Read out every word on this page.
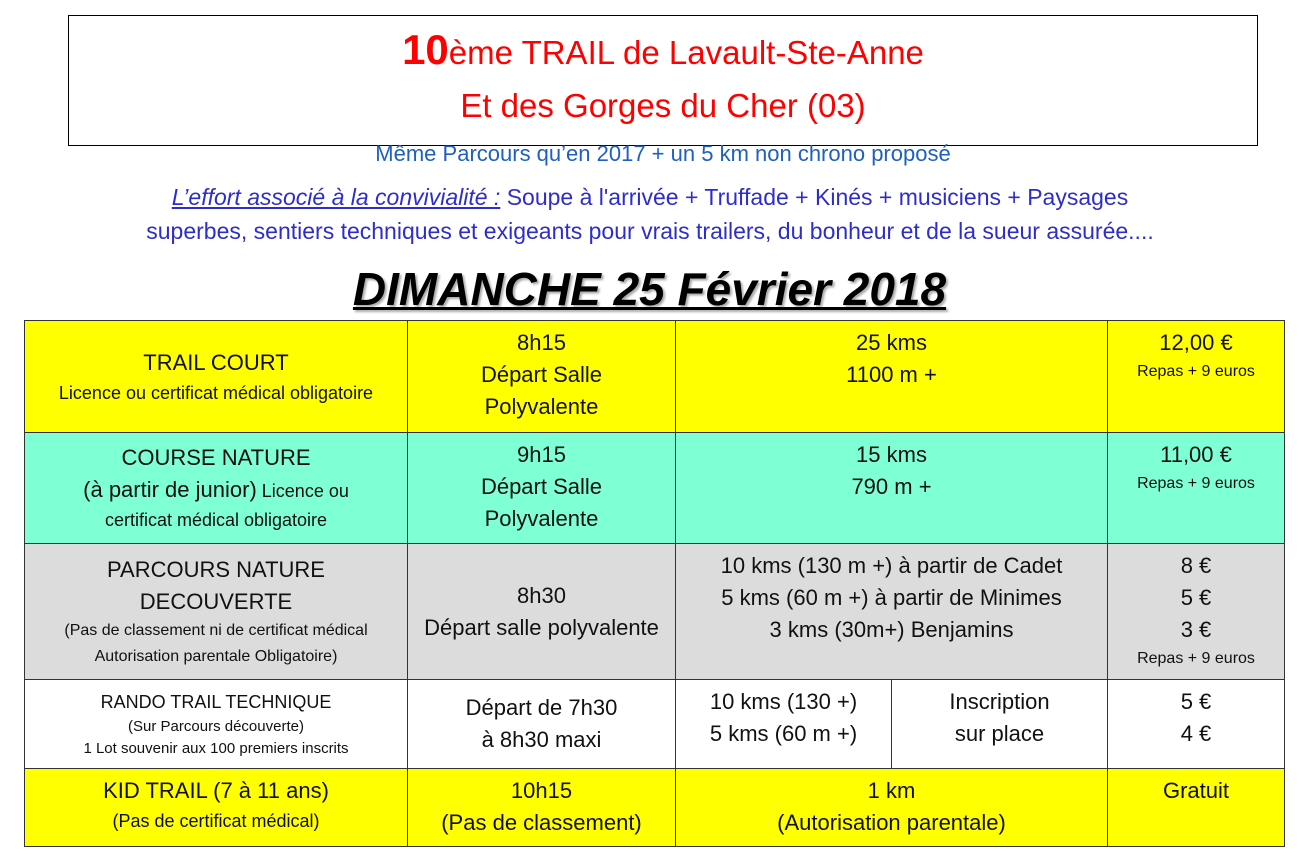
10ème TRAIL de Lavault-Ste-Anne
Et des Gorges du Cher (03)
Même Parcours qu’en 2017 + un 5 km non chrono proposé
L’effort associé à la convivialité : Soupe à l'arrivée + Truffade + Kinés + musiciens + Paysages
superbes, sentiers techniques et exigeants pour vrais trailers, du bonheur et de la sueur assurée....
DIMANCHE 25 Février 2018
TRAIL COURT
Licence ou certificat médical obligatoire	8h15
Départ Salle
Polyvalente	25 kms
1100 m +		12,00 €
Repas + 9 euros

COURSE NATURE
(à partir de junior) Licence ou
certificat médical obligatoire	9h15
Départ Salle
Polyvalente	15 kms
790 m +		11,00 €
Repas + 9 euros

PARCOURS NATURE DECOUVERTE
(Pas de classement ni de certificat médical
Autorisation parentale Obligatoire)	8h30
Départ salle polyvalente	10 kms (130 m +) à partir de Cadet
5 kms (60 m +) à partir de Minimes
3 kms (30m+) Benjamins		8 €
5 €
3 €
Repas + 9 euros

RANDO TRAIL TECHNIQUE
(Sur Parcours découverte)
1 Lot souvenir aux 100 premiers inscrits	Départ de 7h30
à 8h30 maxi	10 kms (130 +)
5 kms (60 m +)	Inscription
sur place	5 €
4 €

KID TRAIL (7 à 11 ans)
(Pas de certificat médical)	10h15
(Pas de classement)	1 km
(Autorisation parentale)		Gratuit
